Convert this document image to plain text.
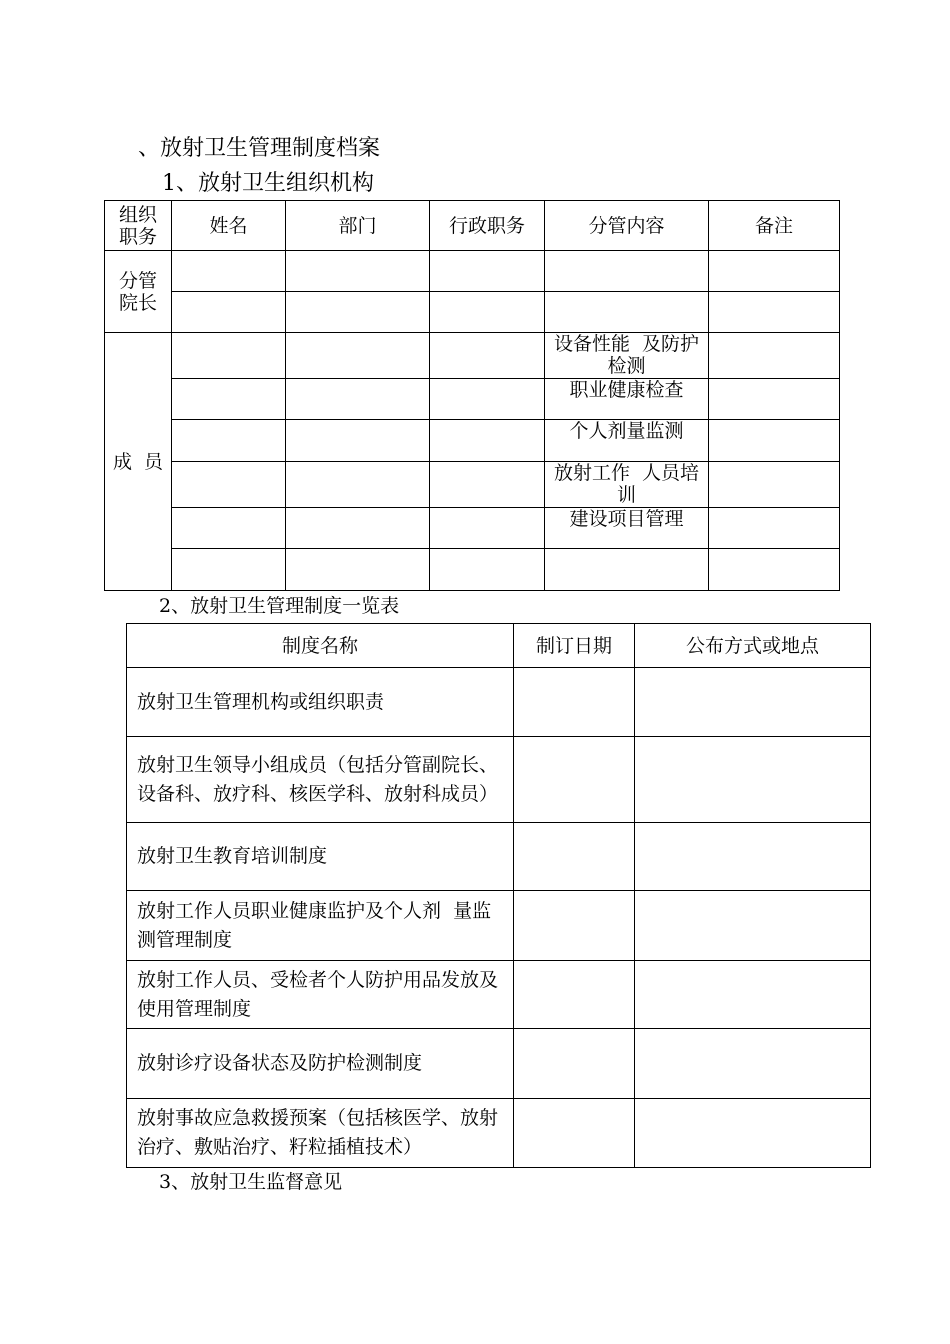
、放射卫生管理制度档案
1、放射卫生组织机构
组织职务	姓名	部门	行政职务	分管内容	备注

分管院长					

成  员				设备性能  及防护检测	

				职业健康检查	
				个人剂量监测	

				放射工作  人员培训	

				建设项目管理	

2、放射卫生管理制度一览表
制度名称	制订日期	公布方式或地点
放射卫生管理机构或组织职责		
放射卫生领导小组成员（包括分管副院长、设备科、放疗科、核医学科、放射科成员）		
放射卫生教育培训制度		
放射工作人员职业健康监护及个人剂  量监测管理制度		
放射工作人员、受检者个人防护用品发放及使用管理制度		
放射诊疗设备状态及防护检测制度		
放射事故应急救援预案（包括核医学、放射治疗、敷贴治疗、籽粒插植技术）		
3、放射卫生监督意见
